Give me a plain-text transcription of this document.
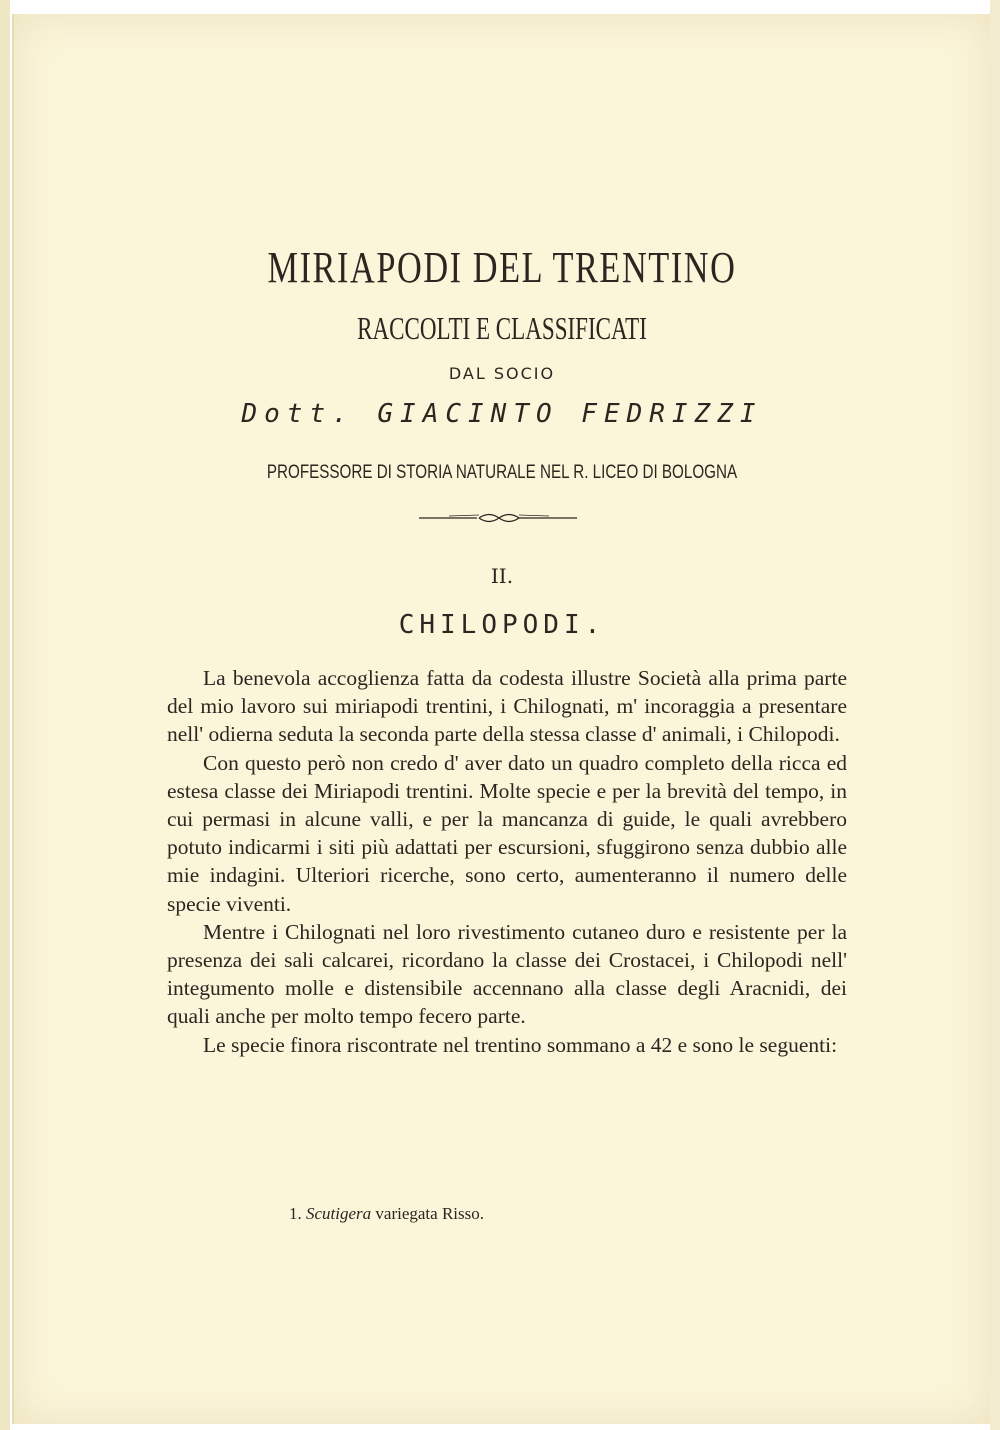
MIRIAPODI DEL TRENTINO
RACCOLTI E CLASSIFICATI
DAL SOCIO
Dott. GIACINTO FEDRIZZI
PROFESSORE DI STORIA NATURALE NEL R. LICEO DI BOLOGNA
II.
CHILOPODI.

La benevola accoglienza fatta da codesta illustre Società alla prima parte del mio lavoro sui miriapodi trentini, i Chilognati, m' incoraggia a presentare nell' odierna seduta la seconda parte della stessa classe d' animali, i Chilopodi.

Con questo però non credo d' aver dato un quadro completo della ricca ed estesa classe dei Miriapodi trentini. Molte specie e per la brevità del tempo, in cui permasi in alcune valli, e per la mancanza di guide, le quali avrebbero potuto indicarmi i siti più adattati per escursioni, sfuggirono senza dubbio alle mie indagini. Ulteriori ricerche, sono certo, aumenteranno il numero delle specie viventi.

Mentre i Chilognati nel loro rivestimento cutaneo duro e resistente per la presenza dei sali calcarei, ricordano la classe dei Crostacei, i Chilopodi nell' integumento molle e distensibile accennano alla classe degli Aracnidi, dei quali anche per molto tempo fecero parte.

Le specie finora riscontrate nel trentino sommano a 42 e sono le seguenti:

1. Scutigera variegata Risso.
